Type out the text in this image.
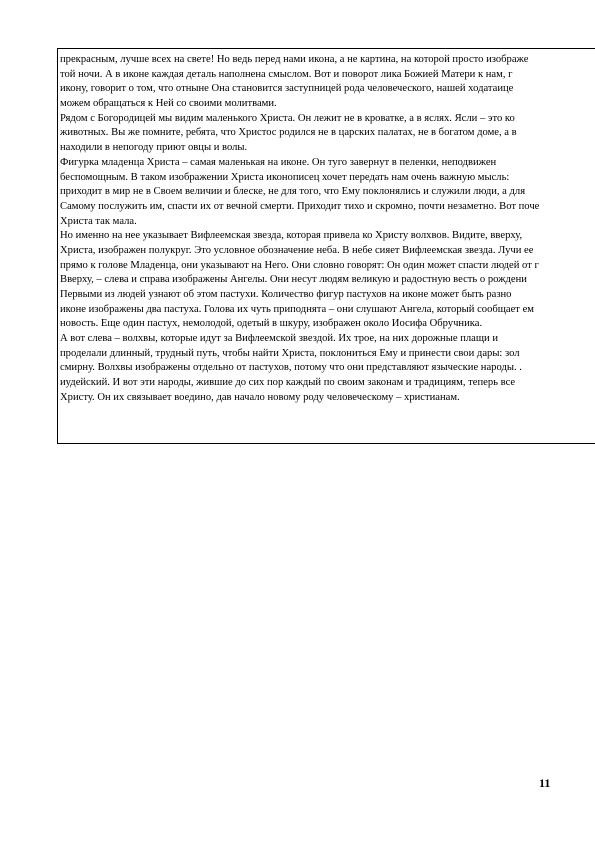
прекрасным, лучше всех на свете! Но ведь перед нами икона, а не картина, на которой просто изображе
той ночи. А в иконе каждая деталь наполнена смыслом. Вот и поворот лика Божией Матери к нам, г
икону, говорит о том, что отныне Она становится заступницей рода человеческого, нашей ходатаице
можем обращаться к Ней со своими молитвами.
Рядом с Богородицей мы видим маленького Христа. Он лежит не в кроватке, а в яслях. Ясли – это ко
животных. Вы же помните, ребята, что Христос родился не в царских палатах, не в богатом доме, а в
находили в непогоду приют овцы и волы.
Фигурка младенца Христа – самая маленькая на иконе. Он туго завернут в пеленки, неподвижен
беспомощным. В таком изображении Христа иконописец хочет передать нам очень важную мысль:
приходит в мир не в Своем величии и блеске, не для того, что Ему поклонялись и служили люди, а для
Самому послужить им, спасти их от вечной смерти. Приходит тихо и скромно, почти незаметно. Вот поче
Христа так мала.
Но именно на нее указывает Вифлеемская звезда, которая привела ко Христу волхвов. Видите, вверху,
Христа, изображен полукруг. Это условное обозначение неба. В небе сияет Вифлеемская звезда. Лучи ее
прямо к голове Младенца, они указывают на Него. Они словно говорят: Он один может спасти людей от г
Вверху, – слева и справа изображены Ангелы. Они несут людям великую и радостную весть о рождени
Первыми из людей узнают об этом пастухи. Количество фигур пастухов на иконе может быть разно
иконе изображены два пастуха. Голова их чуть приподнята – они слушают Ангела, который сообщает ем
новость. Еще один пастух, немолодой, одетый в шкуру, изображен около Иосифа Обручника.
А вот слева – волхвы, которые идут за Вифлеемской звездой. Их трое, на них дорожные плащи и
проделали длинный, трудный путь, чтобы найти Христа, поклониться Ему и принести свои дары: зол
смирну. Волхвы изображены отдельно от пастухов, потому что они представляют языческие народы. .
иудейский. И вот эти народы, жившие до сих пор каждый по своим законам и традициям, теперь все
Христу. Он их связывает воедино, дав начало новому роду человеческому – христианам.
11
